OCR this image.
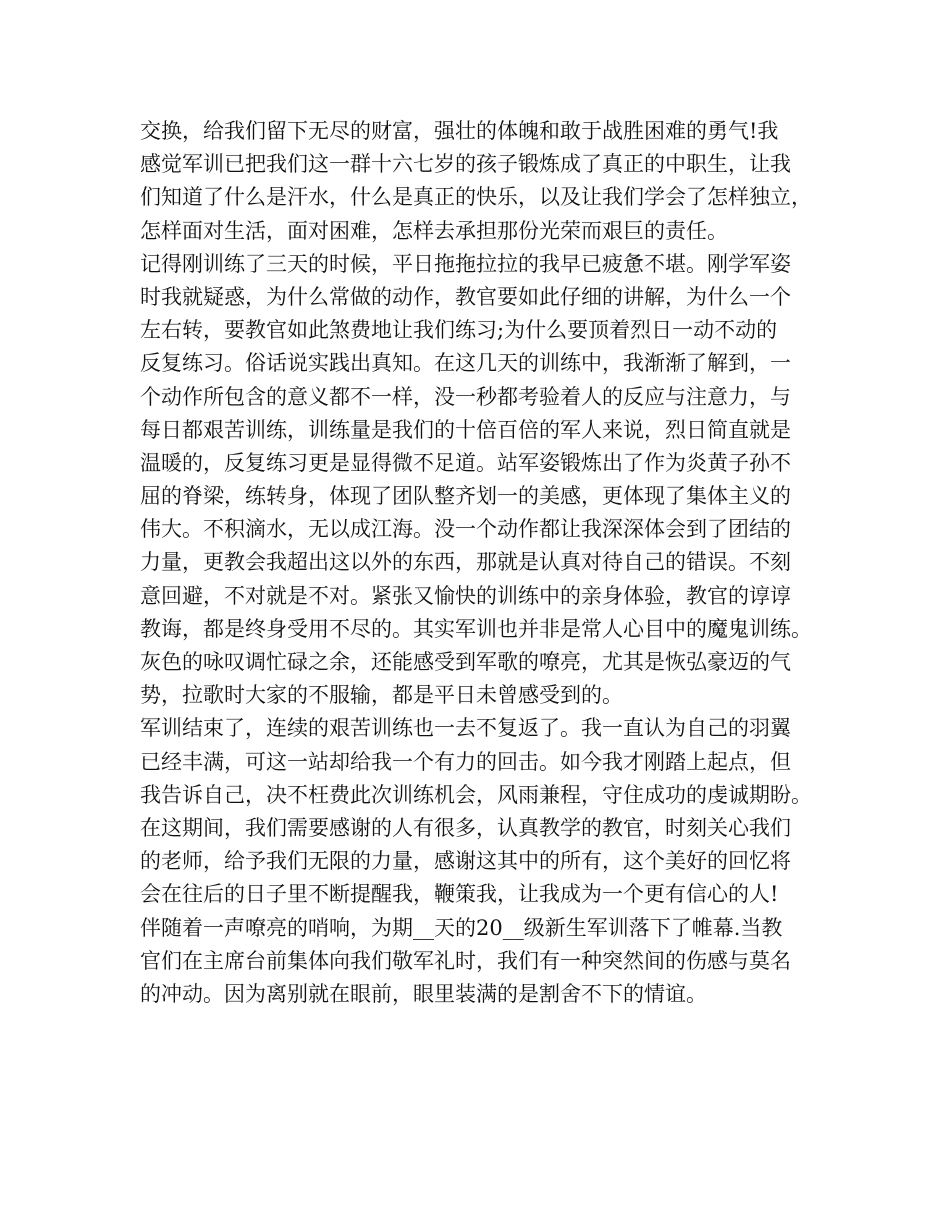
交换，给我们留下无尽的财富，强壮的体魄和敢于战胜困难的勇气!我
感觉军训已把我们这一群十六七岁的孩子锻炼成了真正的中职生，让我
们知道了什么是汗水，什么是真正的快乐，以及让我们学会了怎样独立，
怎样面对生活，面对困难，怎样去承担那份光荣而艰巨的责任。
记得刚训练了三天的时候，平日拖拖拉拉的我早已疲惫不堪。刚学军姿
时我就疑惑，为什么常做的动作，教官要如此仔细的讲解，为什么一个
左右转，要教官如此煞费地让我们练习;为什么要顶着烈日一动不动的
反复练习。俗话说实践出真知。在这几天的训练中，我渐渐了解到，一
个动作所包含的意义都不一样，没一秒都考验着人的反应与注意力，与
每日都艰苦训练，训练量是我们的十倍百倍的军人来说，烈日简直就是
温暖的，反复练习更是显得微不足道。站军姿锻炼出了作为炎黄子孙不
屈的脊梁，练转身，体现了团队整齐划一的美感，更体现了集体主义的
伟大。不积滴水，无以成江海。没一个动作都让我深深体会到了团结的
力量，更教会我超出这以外的东西，那就是认真对待自己的错误。不刻
意回避，不对就是不对。紧张又愉快的训练中的亲身体验，教官的谆谆
教诲，都是终身受用不尽的。其实军训也并非是常人心目中的魔鬼训练。
灰色的咏叹调忙碌之余，还能感受到军歌的嘹亮，尤其是恢弘豪迈的气
势，拉歌时大家的不服输，都是平日未曾感受到的。
军训结束了，连续的艰苦训练也一去不复返了。我一直认为自己的羽翼
已经丰满，可这一站却给我一个有力的回击。如今我才刚踏上起点，但
我告诉自己，决不枉费此次训练机会，风雨兼程，守住成功的虔诚期盼。
在这期间，我们需要感谢的人有很多，认真教学的教官，时刻关心我们
的老师，给予我们无限的力量，感谢这其中的所有，这个美好的回忆将
会在往后的日子里不断提醒我，鞭策我，让我成为一个更有信心的人!
伴随着一声嘹亮的哨响，为期__天的20__级新生军训落下了帷幕.当教
官们在主席台前集体向我们敬军礼时，我们有一种突然间的伤感与莫名
的冲动。因为离别就在眼前，眼里装满的是割舍不下的情谊。
